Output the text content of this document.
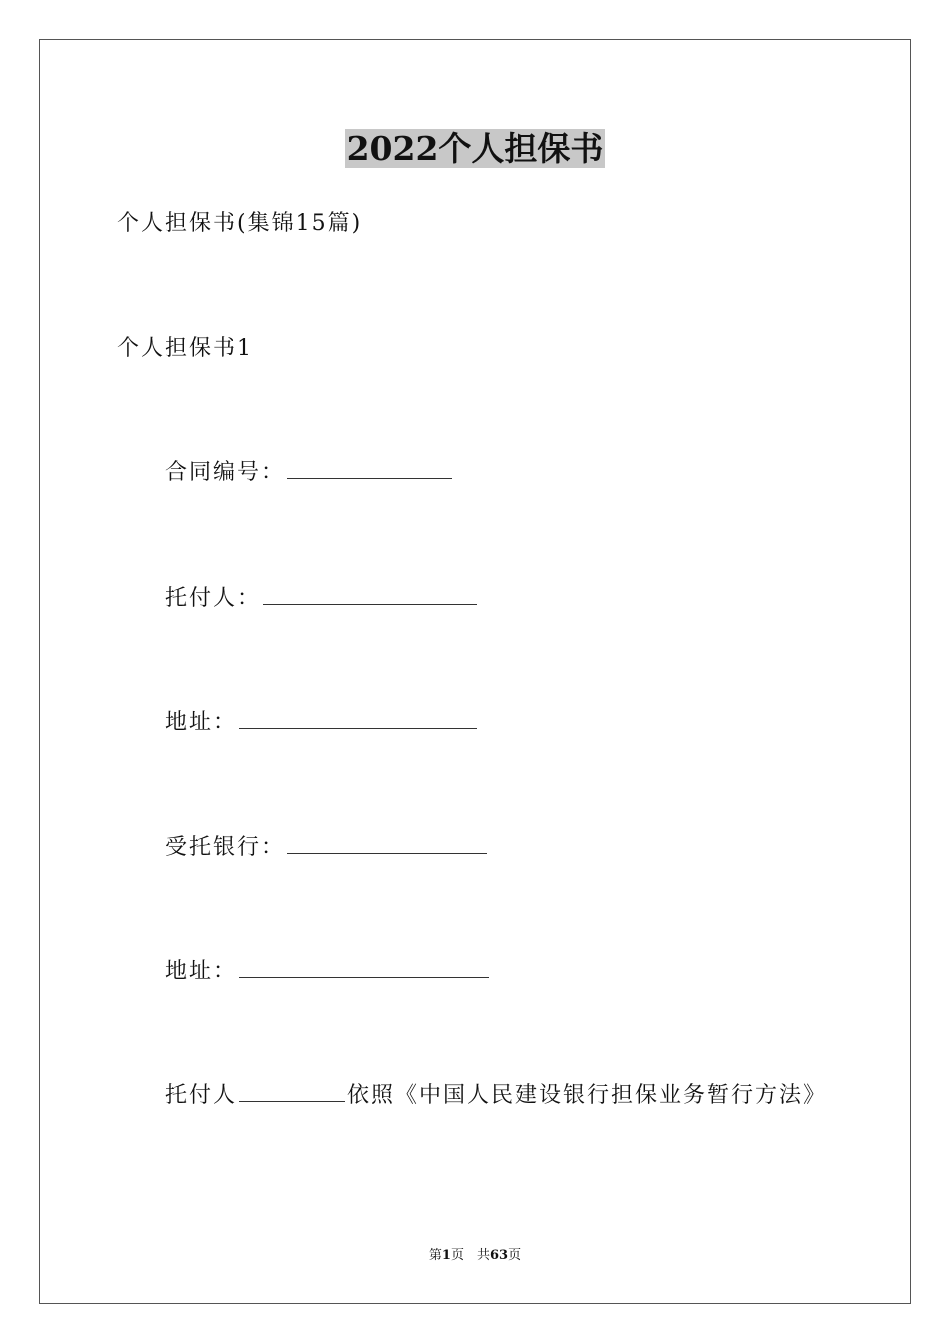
2022个人担保书
个人担保书(集锦15篇)
个人担保书1
合同编号：
托付人：
地址：
受托银行：
地址：
托付人	依照《中国人民建设银行担保业务暂行方法》
第1页　共63页
